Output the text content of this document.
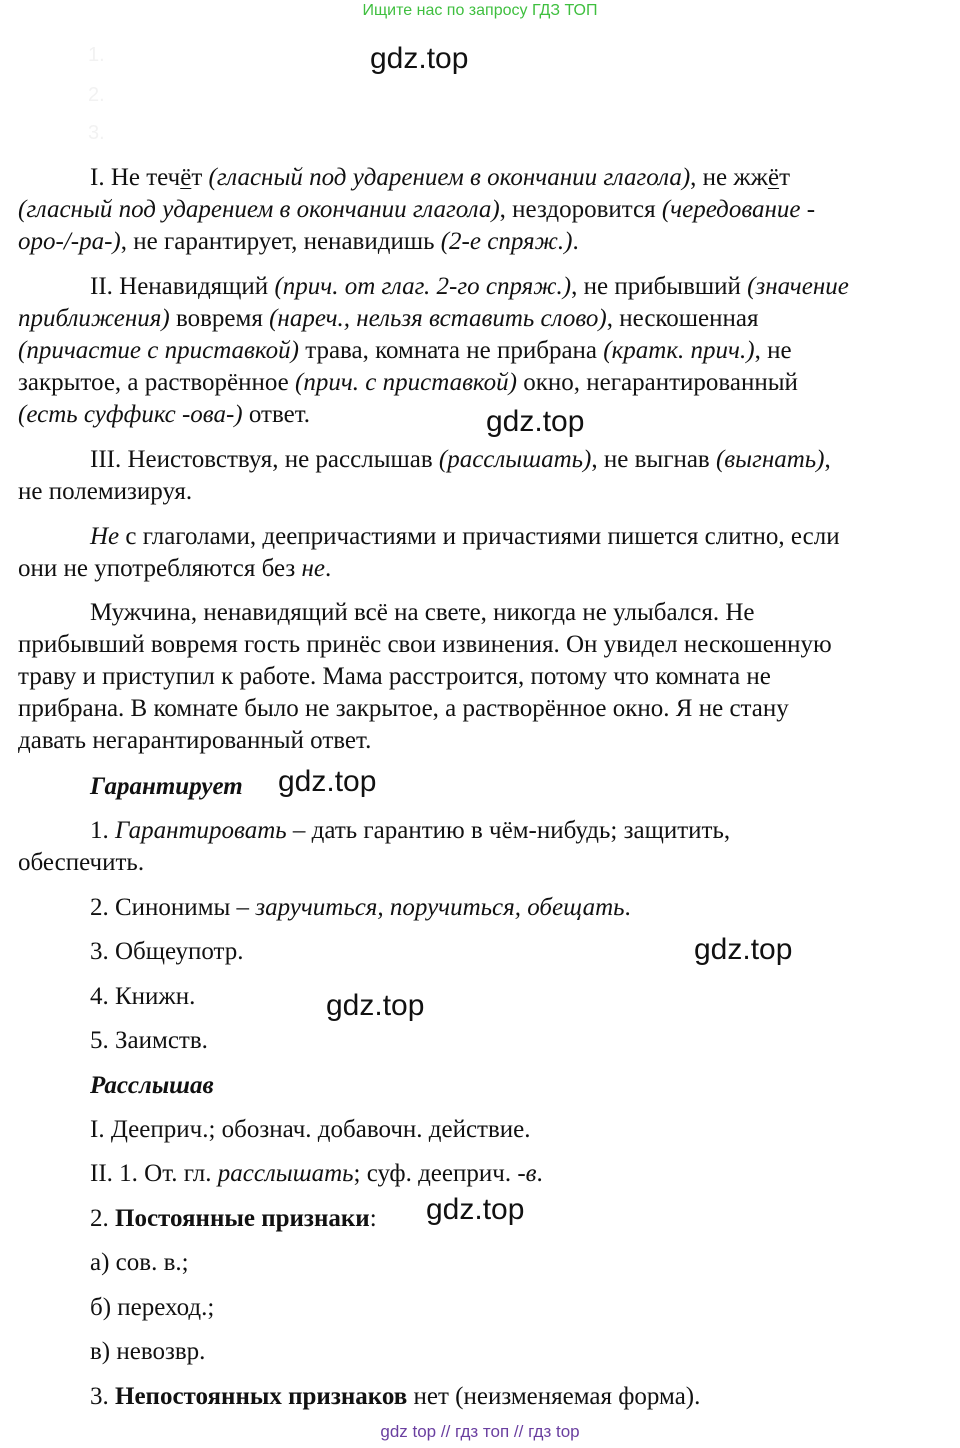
Ищите нас по запросу ГДЗ ТОП
1.
2.
3.
gdz.top
gdz.top
gdz.top
gdz.top
gdz.top
gdz.top
I. Не течёт (гласный под ударением в окончании глагола), не жжёт
(гласный под ударением в окончании глагола), нездоровится (чередование -
оро-/-ра-), не гарантирует, ненавидишь (2-е спряж.).
II. Ненавидящий (прич. от глаг. 2-го спряж.), не прибывший (значение
приближения) вовремя (нареч., нельзя вставить слово), нескошенная
(причастие с приставкой) трава, комната не прибрана (кратк. прич.), не
закрытое, а растворённое (прич. с приставкой) окно, негарантированный
(есть суффикс -ова-) ответ.
III. Неистовствуя, не расслышав (расслышать), не выгнав (выгнать),
не полемизируя.
Не с глаголами, деепричастиями и причастиями пишется слитно, если
они не употребляются без не.
Мужчина, ненавидящий всё на свете, никогда не улыбался. Не
прибывший вовремя гость принёс свои извинения. Он увидел нескошенную
траву и приступил к работе. Мама расстроится, потому что комната не
прибрана. В комнате было не закрытое, а растворённое окно. Я не стану
давать негарантированный ответ.
Гарантирует
1. Гарантировать – дать гарантию в чём-нибудь; защитить,
обеспечить.
2. Синонимы – заручиться, поручиться, обещать.
3. Общеупотр.
4. Книжн.
5. Заимств.
Расслышав
I. Дееприч.; обознач. добавочн. действие.
II. 1. От. гл. расслышать; суф. дееприч. -в.
2. Постоянные признаки:
а) сов. в.;
б) переход.;
в) невозвр.
3. Непостоянных признаков нет (неизменяемая форма).
gdz top // гдз топ // гдз top
